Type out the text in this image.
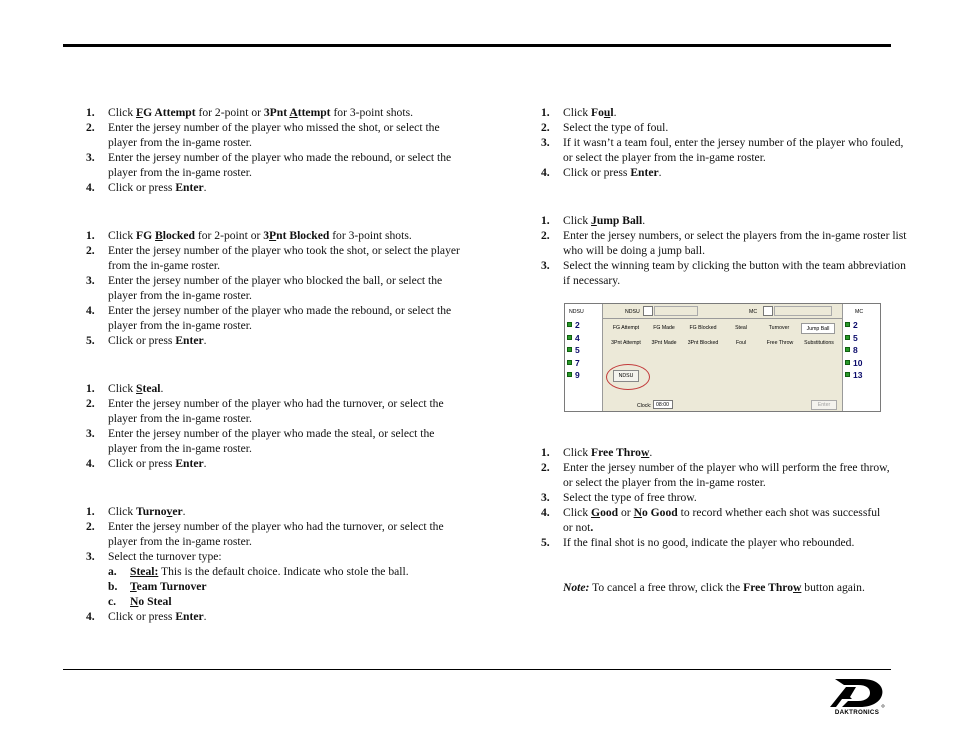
1. Click FG Attempt for 2-point or 3Pnt Attempt for 3-point shots.
2. Enter the jersey number of the player who missed the shot, or select the player from the in-game roster.
3. Enter the jersey number of the player who made the rebound, or select the player from the in-game roster.
4. Click or press Enter.
1. Click FG Blocked for 2-point or 3Pnt Blocked for 3-point shots.
2. Enter the jersey number of the player who took the shot, or select the player from the in-game roster.
3. Enter the jersey number of the player who blocked the ball, or select the player from the in-game roster.
4. Enter the jersey number of the player who made the rebound, or select the player from the in-game roster.
5. Click or press Enter.
1. Click Steal.
2. Enter the jersey number of the player who had the turnover, or select the player from the in-game roster.
3. Enter the jersey number of the player who made the steal, or select the player from the in-game roster.
4. Click or press Enter.
1. Click Turnover.
2. Enter the jersey number of the player who had the turnover, or select the player from the in-game roster.
3. Select the turnover type:
a. Steal: This is the default choice. Indicate who stole the ball.
b. Team Turnover
c. No Steal
4. Click or press Enter.
1. Click Foul.
2. Select the type of foul.
3. If it wasn’t a team foul, enter the jersey number of the player who fouled, or select the player from the in-game roster.
4. Click or press Enter.
1. Click Jump Ball.
2. Enter the jersey numbers, or select the players from the in-game roster list who will be doing a jump ball.
3. Select the winning team by clicking the button with the team abbreviation if necessary.
1. Click Free Throw.
2. Enter the jersey number of the player who will perform the free throw, or select the player from the in-game roster.
3. Select the type of free throw.
4. Click Good or No Good to record whether each shot was successful or not.
5. If the final shot is no good, indicate the player who rebounded.
NDSU	NDSU	MC	MC
2
4
5
7
9
2
5
8
10
13
FG Attempt	FG Made	FG Blocked	Steal	Turnover	Jump Ball
3Pnt Attempt	3Pnt Made	3Pnt Blocked	Foul	Free Throw	Substitutions
NDSU
Clock: 08:00	Enter
Note: To cancel a free throw, click the Free Throw button again.
DAKTRONICS
